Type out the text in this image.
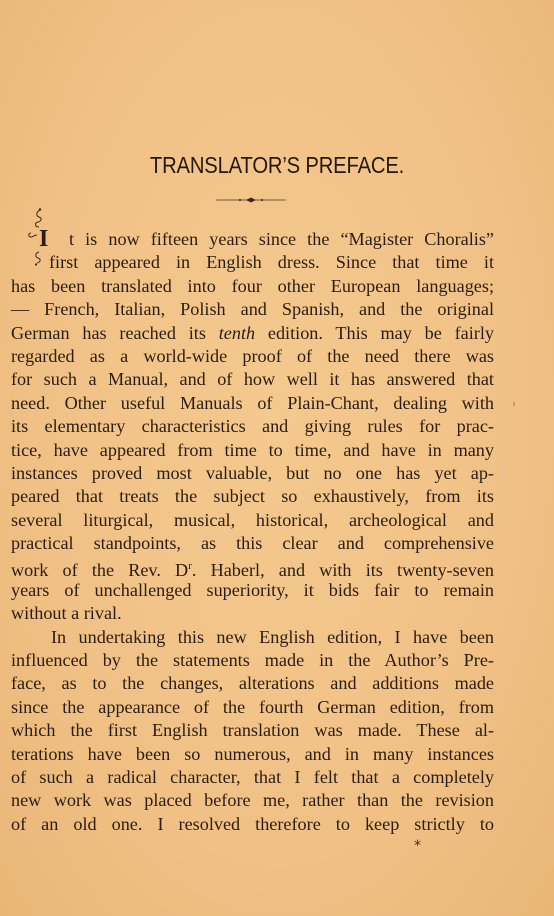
TRANSLATOR’S PREFACE.
I	t is now fifteen years since the “Magister Choralis”
first appeared in English dress. Since that time it
has been translated into four other European languages;
— French, Italian, Polish and Spanish, and the original
German has reached its tenth edition. This may be fairly
regarded as a world-wide proof of the need there was
for such a Manual, and of how well it has answered that
need. Other useful Manuals of Plain-Chant, dealing with
its elementary characteristics and giving rules for prac-
tice, have appeared from time to time, and have in many
instances proved most valuable, but no one has yet ap-
peared that treats the subject so exhaustively, from its
several liturgical, musical, historical, archeological and
practical standpoints, as this clear and comprehensive
work of the Rev. $D^r$. Haberl, and with its twenty-seven
years of unchallenged superiority, it bids fair to remain
without a rival.
In undertaking this new English edition, I have been
influenced by the statements made in the Author’s Pre-
face, as to the changes, alterations and additions made
since the appearance of the fourth German edition, from
which the first English translation was made. These al-
terations have been so numerous, and in many instances
of such a radical character, that I felt that a completely
new work was placed before me, rather than the revision
of an old one. I resolved therefore to keep strictly to
*
